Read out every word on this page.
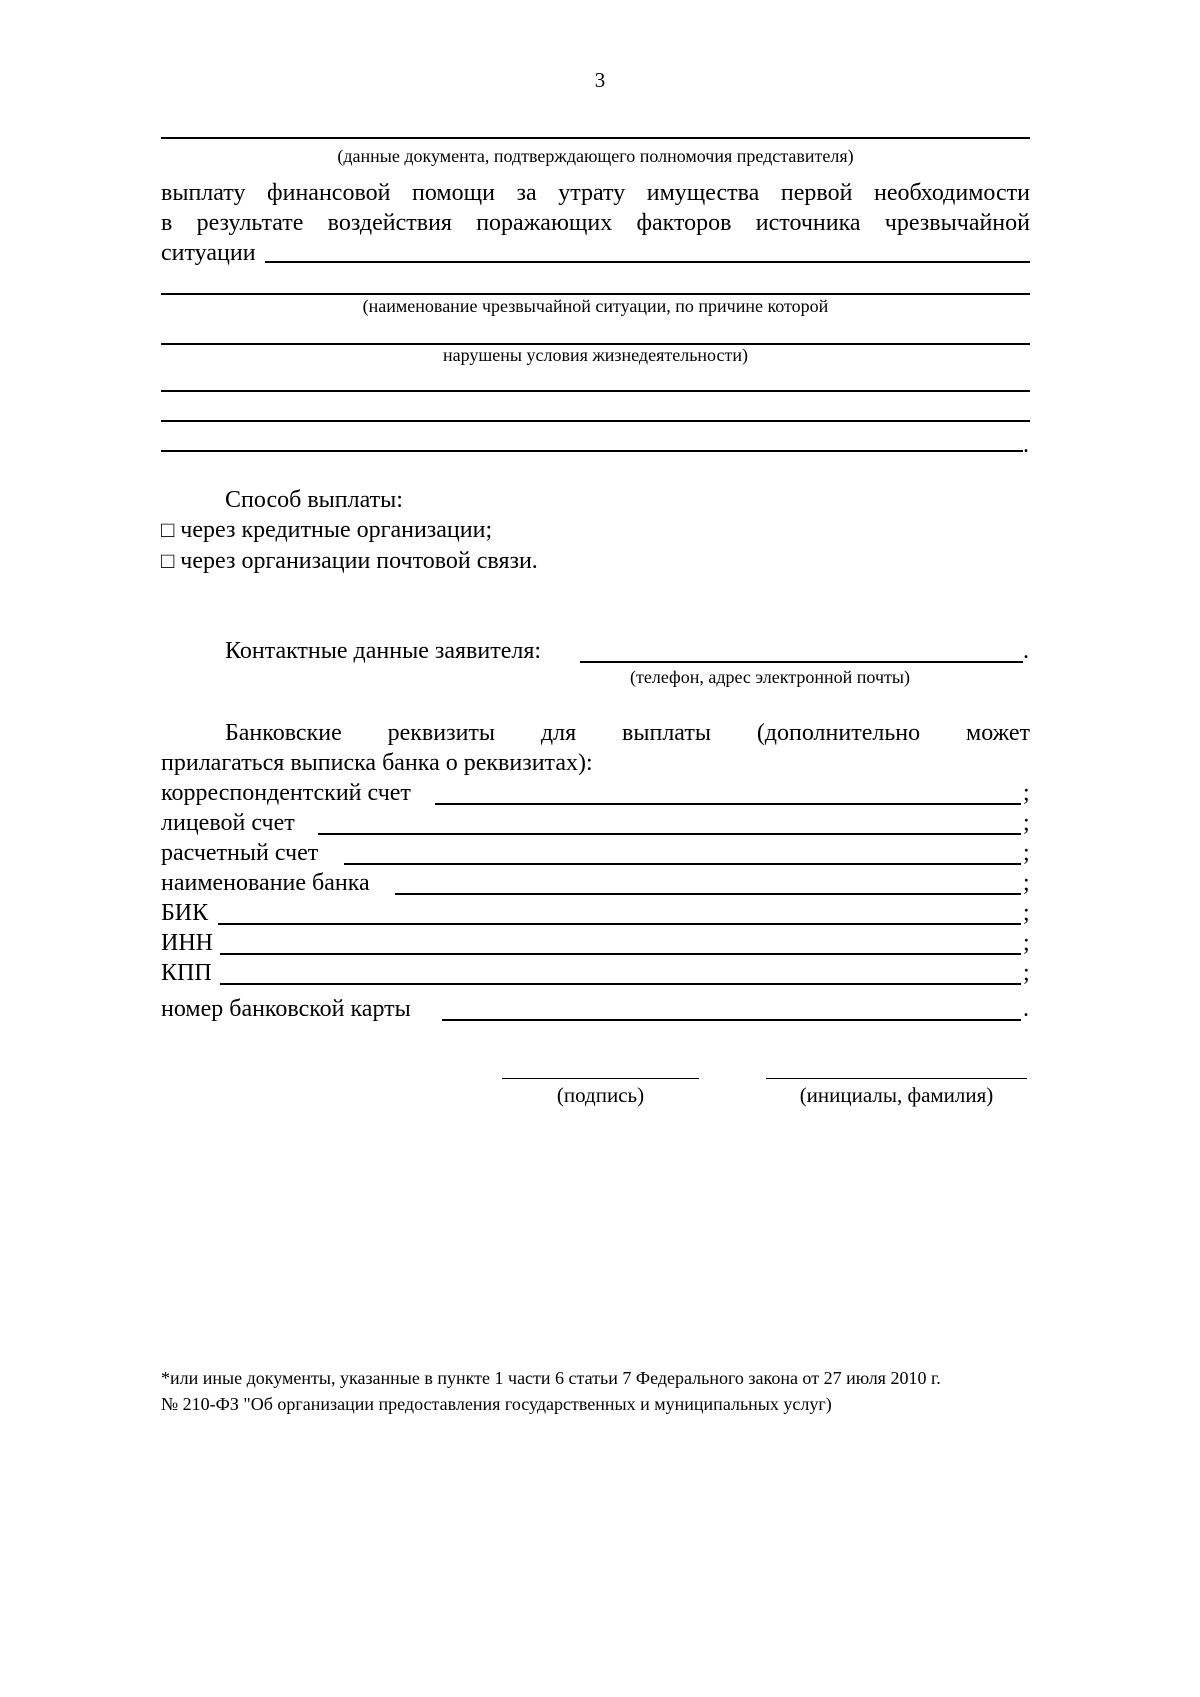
3
(данные документа, подтверждающего полномочия представителя)
выплату финансовой помощи за утрату имущества первой необходимости
в результате воздействия поражающих факторов источника чрезвычайной
ситуации
(наименование чрезвычайной ситуации, по причине которой
нарушены условия жизнедеятельности)
.
Способ выплаты:
□ через кредитные организации;
□ через организации почтовой связи.
Контактные данные заявителя:	.
(телефон, адрес электронной почты)
Банковские реквизиты для выплаты (дополнительно может
прилагаться выписка банка о реквизитах):
корреспондентский счет	;
лицевой счет	;
расчетный счет	;
наименование банка	;
БИК	;
ИНН	;
КПП	;
номер банковской карты	.
(подпись)	(инициалы, фамилия)
*или иные документы, указанные в пункте 1 части 6 статьи 7 Федерального закона от 27 июля 2010 г.
№ 210-ФЗ "Об организации предоставления государственных и муниципальных услуг)
